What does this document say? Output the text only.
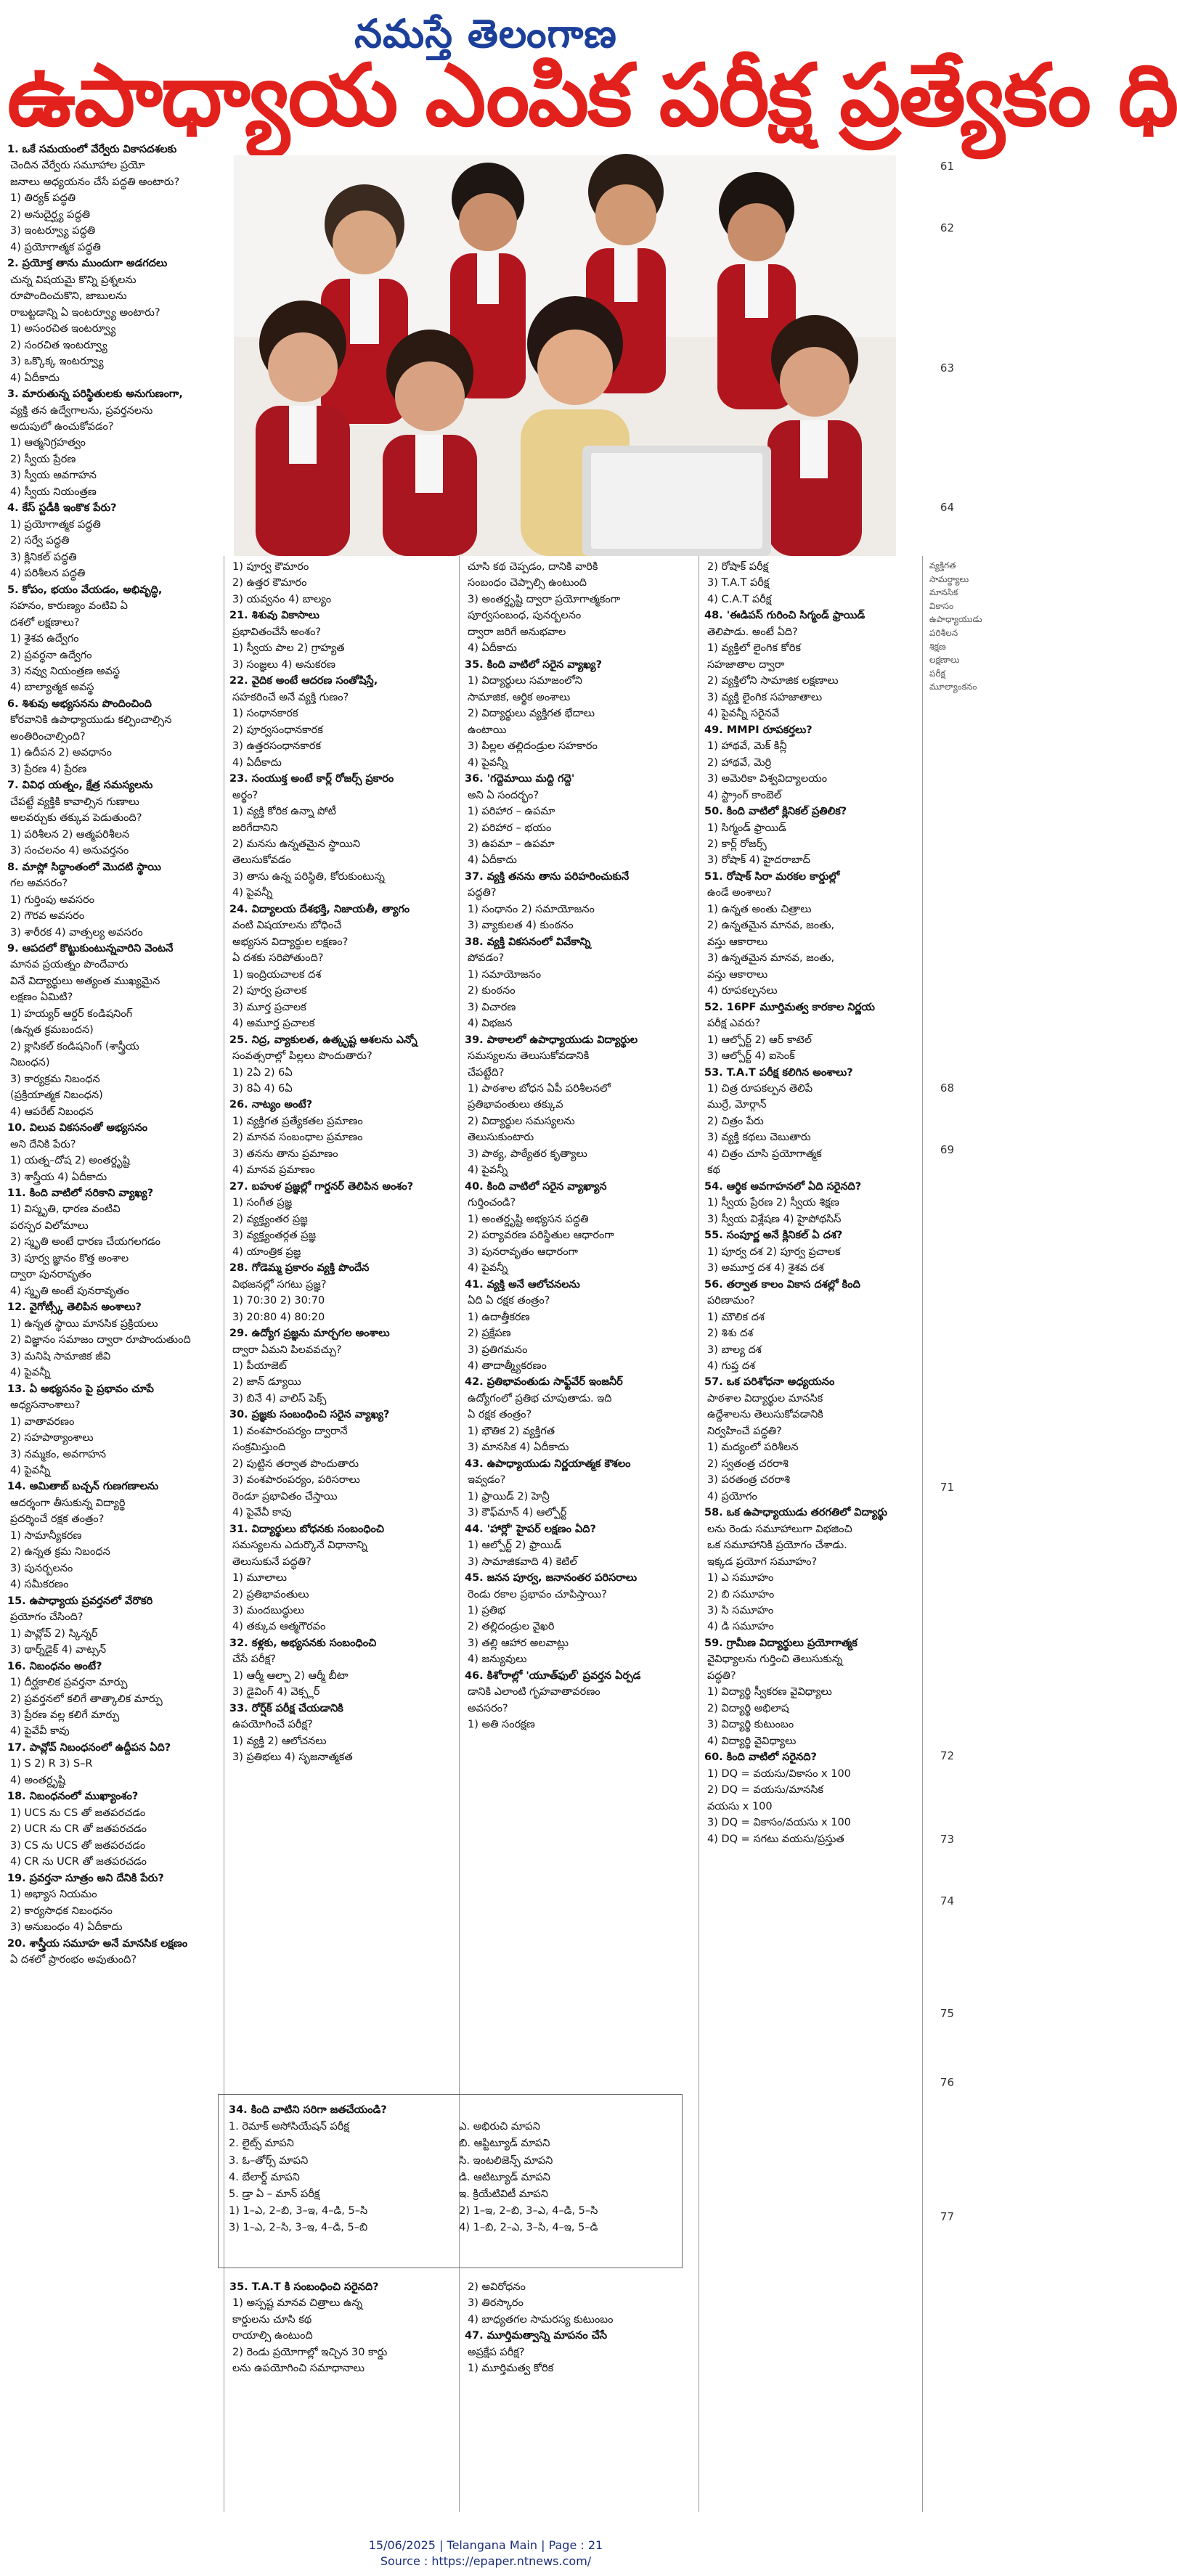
నమస్తే తెలంగాణ
ఉపాధ్యాయ ఎంపిక పరీక్ష ప్రత్యేకం ధి
61
62
63
64
68
69
71
72
73
74
75
76
77
1. ఒకే సమయంలో వేర్వేరు వికాసదశలకు
చెందిన వేర్వేరు సమూహాల ప్రయో
జనాలు అధ్యయనం చేసే పద్ధతి అంటారు?
1) తిర్యక్ పద్ధతి
2) అనుదైర్ఘ్య పద్ధతి
3) ఇంటర్వ్యూ పద్ధతి
4) ప్రయోగాత్మక పద్ధతి
2. ప్రయోక్త తాను ముందుగా అడగదలు
చున్న విషయమై కొన్ని ప్రశ్నలను
రూపొందించుకొని, జాబులను
రాబట్టడాన్ని ఏ ఇంటర్వ్యూ అంటారు?
1) అసంరచిత ఇంటర్వ్యూ
2) సంరచిత ఇంటర్వ్యూ
3) ఒక్కొక్క ఇంటర్వ్యూ
4) ఏదీకాదు
3. మారుతున్న పరిస్థితులకు అనుగుణంగా,
వ్యక్తి తన ఉద్వేగాలను, ప్రవర్తనలను
అదుపులో ఉంచుకోవడం?
1) ఆత్మనిగ్రహత్వం
2) స్వీయ ప్రేరణ
3) స్వీయ అవగాహన
4) స్వీయ నియంత్రణ
4. కేస్ స్టడీకి ఇంకొక పేరు?
1) ప్రయోగాత్మక పద్ధతి
2) సర్వే పద్ధతి
3) క్లినికల్ పద్ధతి
4) పరిశీలన పద్ధతి
5. కోపం, భయం వేయడం, అభివృద్ధి,
సహనం, కారుణ్యం వంటివి ఏ
దశలో లక్షణాలు?
1) శైశవ ఉద్వేగం
2) ప్రవర్ధనా ఉద్వేగం
3) నవ్వు నియంత్రణ అవస్థ
4) బాల్యాత్మక అవస్థ
6. శిశువు అభ్యసనను పొందించింది
కోరవానికి ఉపాధ్యాయుడు కల్పించాల్సిన
అంతిరించాల్సింది?
1) ఉదీపన 2) అవధానం
3) ప్రేరణ 4) ప్రేరణ
7. వివిధ యత్నం, క్షేత్ర సమస్యలను
చేపట్టే వ్యక్తికి కావాల్సిన గుణాలు
అలవర్చుకు తక్కువ పెడుతుంది?
1) పరిశీలన 2) ఆత్మపరిశీలన
3) సంచలనం 4) అనువర్తనం
8. మాస్లో సిద్ధాంతంలో మొదటి స్థాయి
గల అవసరం?
1) గుర్తింపు అవసరం
2) గౌరవ అవసరం
3) శారీరక 4) వాత్సల్య అవసరం
9. ఆపదలో కొట్టుకుంటున్నవారిని వెంటనే
మానవ ప్రయత్నం పొందేవారు
వినే విద్యార్థులు అత్యంత ముఖ్యమైన
లక్షణం ఏమిటి?
1) హయ్యర్ ఆర్డర్ కండిషనింగ్
(ఉన్నత క్రమబందన)
2) క్లాసికల్ కండిషనింగ్ (శాస్త్రీయ
నిబంధన)
3) కార్యక్రమ నిబంధన
(ప్రక్రియాత్మక నిబంధన)
4) ఆపరేట్ నిబంధన
10. విలువ వికసనంతో అభ్యసనం
అని దేనికి పేరు?
1) యత్న–దోష 2) అంతర్దృష్టి
3) శాస్త్రీయ 4) ఏదీకాదు
11. కింది వాటిలో సరికాని వ్యాఖ్య?
1) విస్మృతి, ధారణ వంటివి
పరస్పర విలోమాలు
2) స్మృతి అంటే ధారణ చేయగలగడం
3) పూర్వ జ్ఞానం కొత్త అంశాల
ద్వారా పునరావృతం
4) స్మృతి అంటే పునరావృతం
12. వైగోట్స్కీ తెలిపిన అంశాలు?
1) ఉన్నత స్థాయి మానసిక ప్రక్రియలు
2) విజ్ఞానం సమాజం ద్వారా రూపొందుతుంది
3) మనిషి సామాజిక జీవి
4) పైవన్నీ
13. ఏ అభ్యసనం పై ప్రభావం చూపే
అధ్యసనాంశాలు?
1) వాతావరణం
2) సహపాఠ్యాంశాలు
3) నమ్మకం, అవగాహన
4) పైవన్నీ
14. అమితాబ్ బచ్చన్ గుణగణాలను
ఆదర్శంగా తీసుకున్న విద్యార్థి
ప్రదర్శించే రక్షక తంత్రం?
1) సామాన్యీకరణ
2) ఉన్నత క్రమ నిబంధన
3) పునర్బలనం
4) సమీకరణం
15. ఉపాధ్యాయ ప్రవర్తనలో వేరొకరి
ప్రయోగం చేసింది?
1) పావ్లోవ్ 2) స్కిన్నర్
3) థార్న్‌డైక్ 4) వాట్సన్
16. నిబంధనం అంటే?
1) దీర్ఘకాలిక ప్రవర్తనా మార్పు
2) ప్రవర్తనలో కలిగే తాత్కాలిక మార్పు
3) ప్రేరణ వల్ల కలిగే మార్పు
4) పైవేవీ కావు
17. పావ్లోవ్ నిబంధనంలో ఉద్దీపన ఏది?
1) S 2) R 3) S–R
4) అంతర్దృష్టి
18. నిబంధనంలో ముఖ్యాంశం?
1) UCS ను CS తో జతపరచడం
2) UCR ను CR తో జతపరచడం
3) CS ను UCS తో జతపరచడం
4) CR ను UCR తో జతపరచడం
19. ప్రవర్తనా సూత్రం అని దేనికి పేరు?
1) అభ్యాస నియమం
2) కార్యసాధక నిబంధనం
3) అనుబంధం 4) ఏదీకాదు
20. శాస్త్రీయ సమూహ అనే మానసిక లక్షణం
ఏ దశలో ప్రారంభం అవుతుంది?
1) పూర్వ కౌమారం
2) ఉత్తర కౌమారం
3) యవ్వనం 4) బాల్యం
21. శిశువు వికాసాలు
ప్రభావితంచేసే అంశం?
1) స్వీయ పాల 2) గ్రాహ్యత
3) సంజ్ఞలు 4) అనుకరణ
22. వైదిక అంటే ఆదరణ సంతోషిస్తే,
సహకరించే అనే వ్యక్తి గుణం?
1) సంధానకారక
2) పూర్వసంధానకారక
3) ఉత్తరసంధానకారక
4) ఏదీకాదు
23. సంయుక్త అంటే కార్ల్ రోజర్స్ ప్రకారం
అర్థం?
1) వ్యక్తి కోరిక ఉన్నా పోటీ
జరిగేదానిని
2) మనసు ఉన్నతమైన స్థాయిని
తెలుసుకోవడం
3) తాను ఉన్న పరిస్థితి, కోరుకుంటున్న
4) పైవన్నీ
24. విద్యాలయ దేశభక్తి, నిజాయతీ, త్యాగం
వంటి విషయాలను బోధించే
అభ్యసన విద్యార్థుల లక్షణం?
ఏ దశకు సరిపోతుంది?
1) ఇంద్రియచాలక దశ
2) పూర్వ ప్రచాలక
3) మూర్త ప్రచాలక
4) అమూర్త ప్రచాలక
25. నిద్ర, వ్యాకులత, ఉత్కృష్ట ఆశలను ఎన్నో
సంవత్సరాల్లో పిల్లలు పొందుతారు?
1) 2ఏ 2) 6ఏ
3) 8ఏ 4) 6ఏ
26. నాట్యం అంటే?
1) వ్యక్తిగత ప్రత్యేకతల ప్రమాణం
2) మానవ సంబంధాల ప్రమాణం
3) తనను తాను ప్రమాణం
4) మానవ ప్రమాణం
27. బహుళ ప్రజ్ఞల్లో గార్డనర్ తెలిపిన అంశం?
1) సంగీత ప్రజ్ఞ
2) వ్యక్త్యంతర ప్రజ్ఞ
3) వ్యక్త్యంతర్గత ప్రజ్ఞ
4) యాంత్రిక ప్రజ్ఞ
28. గోడెమ్మ ప్రకారం వ్యక్తి పొందేన
విభజనల్లో సగటు ప్రజ్ఞ?
1) 70:30 2) 30:70
3) 20:80 4) 80:20
29. ఉద్యోగ ప్రజ్ఞను మార్చగల అంశాలు
ద్వారా ఏమని పిలవవచ్చు?
1) పీయాజెట్
2) జాన్ డ్యూయి
3) బినే 4) వాలిస్ పెక్స్
30. ప్రజ్ఞకు సంబంధించి సరైన వ్యాఖ్య?
1) వంశపారంపర్యం ద్వారానే
సంక్రమిస్తుంది
2) పుట్టిన తర్వాత పొందుతారు
3) వంశపారంపర్యం, పరిసరాలు
రెండూ ప్రభావితం చేస్తాయి
4) పైవేవీ కావు
31. విద్యార్థులు బోధనకు సంబంధించి
సమస్యలను ఎదుర్కొనే విధానాన్ని
తెలుసుకునే పద్ధతి?
1) మూలాలు
2) ప్రతిభావంతులు
3) మందబుద్ధులు
4) తక్కువ ఆత్మగౌరవం
32. కళ్లకు, అభ్యసనకు సంబంధించి
చేసే పరీక్ష?
1) ఆర్మీ ఆల్ఫా 2) ఆర్మీ బీటా
3) డైవింగ్ 4) వెక్స్లర్
33. రోర్ష్‌క్ పరీక్ష చేయడానికి
ఉపయోగించే పరీక్ష?
1) వ్యక్తి 2) ఆలోచనలు
3) ప్రతిభలు 4) సృజనాత్మకత
చూసి కథ చెప్పడం, దానికి వారికి
సంబంధం చెప్పాల్సి ఉంటుంది
3) అంతర్దృష్టి ద్వారా ప్రయోగాత్మకంగా
పూర్వసంబంధ, పునర్బలనం
ద్వారా జరిగే అనుభవాల
4) ఏదీకాదు
35. కింది వాటిలో సరైన వ్యాఖ్య?
1) విద్యార్థులు సమాజంలోని
సామాజిక, ఆర్థిక అంశాలు
2) విద్యార్థులు వ్యక్తిగత భేదాలు
ఉంటాయి
3) పిల్లల తల్లిదండ్రుల సహకారం
4) పైవన్నీ
36. 'గద్దెమాయి మద్ది గద్దె'
అని ఏ సందర్భం?
1) పరిహార – ఉపమా
2) పరిహార – భయం
3) ఉపమా – ఉపమా
4) ఏదీకాదు
37. వ్యక్తి తనను తాను పరిహరించుకునే
పద్ధతి?
1) సంధానం 2) సమాయోజనం
3) వ్యాకులత 4) కుంఠనం
38. వ్యక్తి వికసనంలో వివేకాన్ని
పోవడం?
1) సమాయోజనం
2) కుంఠనం
3) విచారణ
4) విభజన
39. పాఠాలలో ఉపాధ్యాయుడు విద్యార్థుల
సమస్యలను తెలుసుకోవడానికి
చేపట్టేది?
1) పాఠశాల బోధన ఏపీ పరిశీలనలో
ప్రతిభావంతులు తక్కువ
2) విద్యార్థుల సమస్యలను
తెలుసుకుంటారు
3) పాఠ్య, పాఠ్యేతర కృత్యాలు
4) పైవన్నీ
40. కింది వాటిలో సరైన వ్యాఖ్యాన
గుర్తించండి?
1) అంతర్దృష్టి అభ్యసన పద్ధతి
2) పర్యావరణ పరిస్థితుల ఆధారంగా
3) పునరావృతం ఆధారంగా
4) పైవన్నీ
41. వ్యక్తి అనే ఆలోచనలను
ఏది ఏ రక్షక తంత్రం?
1) ఉదాత్తీకరణ
2) ప్రక్షేపణ
3) ప్రతిగమనం
4) తాదాత్మ్యీకరణం
42. ప్రతిభావంతుడు సాఫ్ట్‌వేర్ ఇంజనీర్
ఉద్యోగంలో ప్రతిభ చూపుతాడు. ఇది
ఏ రక్షక తంత్రం?
1) భౌతిక 2) వ్యక్తిగత
3) మానసిక 4) ఏదీకాదు
43. ఉపాధ్యాయుడు నిర్ణయాత్మక కౌశలం
ఇవ్వడం?
1) ఫ్రాయిడ్ 2) హెన్రీ
3) కౌఫ్‌మాన్ 4) ఆల్పోర్ట్
44. 'హార్లో' హైపర్ లక్షణం ఏది?
1) ఆల్పోర్ట్ 2) ఫ్రాయిడ్
3) సామాజికవాది 4) కెటిల్
45. జనన పూర్వ, జనానంతర పరిసరాలు
రెండు రకాల ప్రభావం చూపిస్తాయి?
1) ప్రతిభ
2) తల్లిదండ్రుల వైఖరి
3) తల్లి ఆహార అలవాట్లు
4) జన్యువులు
46. కిశోరాల్లో 'యూత్‌ఫుల్' ప్రవర్తన ఏర్పడ
డానికి ఎలాంటి గృహవాతావరణం
అవసరం?
1) అతి సంరక్షణ
2) రోషాక్ పరీక్ష
3) T.A.T పరీక్ష
4) C.A.T పరీక్ష
48. 'ఈడిపస్ గురించి సిగ్మండ్ ఫ్రాయిడ్
తెలిపాడు. అంటే ఏది?
1) వ్యక్తిలో లైంగిక కోరిక
సహజాతాల ద్వారా
2) వ్యక్తిలోని సామాజిక లక్షణాలు
3) వ్యక్తి లైంగిక సహజాతాలు
4) పైవన్నీ సరైనవే
49. MMPI రూపకర్తలు?
1) హాథవే, మెక్ కిన్లీ
2) హాథవే, మెర్రి
3) అమెరికా విశ్వవిద్యాలయం
4) స్ట్రాంగ్ కాంబెల్
50. కింది వాటిలో క్లినికల్ ప్రతిలిక?
1) సిగ్మండ్ ఫ్రాయిడ్
2) కార్ల్ రోజర్స్
3) రోషాక్ 4) హైదరాబాద్
51. రోషాక్ సిరా మరకల కార్డుల్లో
ఉండే అంశాలు?
1) ఉన్నత అంతు చిత్రాలు
2) ఉన్నతమైన మానవ, జంతు,
వస్తు ఆకారాలు
3) ఉన్నతమైన మానవ, జంతు,
వస్తు ఆకారాలు
4) రూపకల్పనలు
52. 16PF మూర్తిమత్వ కారకాల నిర్ణయ
పరీక్ష ఎవరు?
1) ఆల్పోర్ట్ 2) ఆర్ కాటెల్
3) ఆల్పోర్ట్ 4) ఐసెంక్
53. T.A.T పరీక్ష కలిగిన అంశాలు?
1) చిత్ర రూపకల్పన తెలిపే
ముర్రే, మోర్గాన్
2) చిత్రం పేరు
3) వ్యక్తి కథలు చెబుతారు
4) చిత్రం చూసి ప్రయోగాత్మక
కథ
54. ఆర్థిక అవగాహనలో ఏది సరైనది?
1) స్వీయ ప్రేరణ 2) స్వీయ శిక్షణ
3) స్వీయ విశ్లేషణ 4) హైపోథసిస్
55. సంపూర్ణ అనే క్లినికల్ ఏ దశ?
1) పూర్వ దశ 2) పూర్వ ప్రచాలక
3) అమూర్త దశ 4) శైశవ దశ
56. తర్వాత కాలం వికాస దశల్లో కింది
పరిణామం?
1) మౌలిక దశ
2) శిశు దశ
3) బాల్య దశ
4) గుప్త దశ
57. ఒక పరిశోధనా అధ్యయనం
పాఠశాల విద్యార్థుల మానసిక
ఉద్దేశాలను తెలుసుకోవడానికి
నిర్వహించే పద్ధతి?
1) మద్యంలో పరిశీలన
2) స్వతంత్ర చరరాశి
3) పరతంత్ర చరరాశి
4) ప్రయోగం
58. ఒక ఉపాధ్యాయుడు తరగతిలో విద్యార్థు
లను రెండు సమూహాలుగా విభజించి
ఒక సమూహానికి ప్రయోగం చేశాడు.
ఇక్కడ ప్రయోగ సమూహం?
1) ఎ సమూహం
2) బి సమూహం
3) సి సమూహం
4) డి సమూహం
59. గ్రామీణ విద్యార్థులు ప్రయోగాత్మక
వైవిధ్యాలను గుర్తించి తెలుసుకున్న
పద్ధతి?
1) విద్యార్థి స్వీకరణ వైవిధ్యాలు
2) విద్యార్థి అభిలాష
3) విద్యార్థి కుటుంబం
4) విద్యార్థి వైవిధ్యాలు
60. కింది వాటిలో సరైనది?
1) DQ = వయసు/వికాసం x 100
2) DQ = వయసు/మానసిక
వయసు x 100
3) DQ = వికాసం/వయసు x 100
4) DQ = సగటు వయసు/ప్రస్తుత
వ్యక్తిగత
సామర్థ్యాలు
మానసిక
వికాసం
ఉపాధ్యాయుడు
పరిశీలన
శిక్షణ
లక్షణాలు
పరీక్ష
మూల్యాంకనం
34. కింది వాటిని సరిగా జతచేయండి?
1. రెమాక్ అసోసియేషన్ పరీక్ష
2. లైట్స్ మాపని
3. ఓ–తోర్స్ మాపని
4. బేలార్డ్ మాపని
5. డ్రా ఏ – మాన్ పరీక్ష
1) 1–ఎ, 2–బి, 3–ఇ, 4–డి, 5–సి
3) 1–ఎ, 2–సి, 3–ఇ, 4–డి, 5–బి
ఎ. అభిరుచి మాపని
బి. ఆప్టిట్యూడ్ మాపని
సి. ఇంటలిజెన్స్ మాపని
డి. ఆటిట్యూడ్ మాపని
ఇ. క్రియేటివిటీ మాపని
2) 1–ఇ, 2–బి, 3–ఎ, 4–డి, 5–సి
4) 1–బి, 2–ఎ, 3–సి, 4–ఇ, 5–డి
35. T.A.T కి సంబంధించి సరైనది?
1) అస్పష్ట మానవ చిత్రాలు ఉన్న
కార్డులను చూసి కథ
రాయాల్సి ఉంటుంది
2) రెండు ప్రయోగాల్లో ఇచ్చిన 30 కార్డు
లను ఉపయోగించి సమాధానాలు
2) అవిరోధనం
3) తిరస్కారం
4) బాధ్యతగల సామరస్య కుటుంబం
47. మూర్తిమత్వాన్ని మాపనం చేసే
అప్రక్షేప పరీక్ష?
1) మూర్తిమత్వ కోరిక
15/06/2025 | Telangana Main | Page : 21
Source : https://epaper.ntnews.com/
